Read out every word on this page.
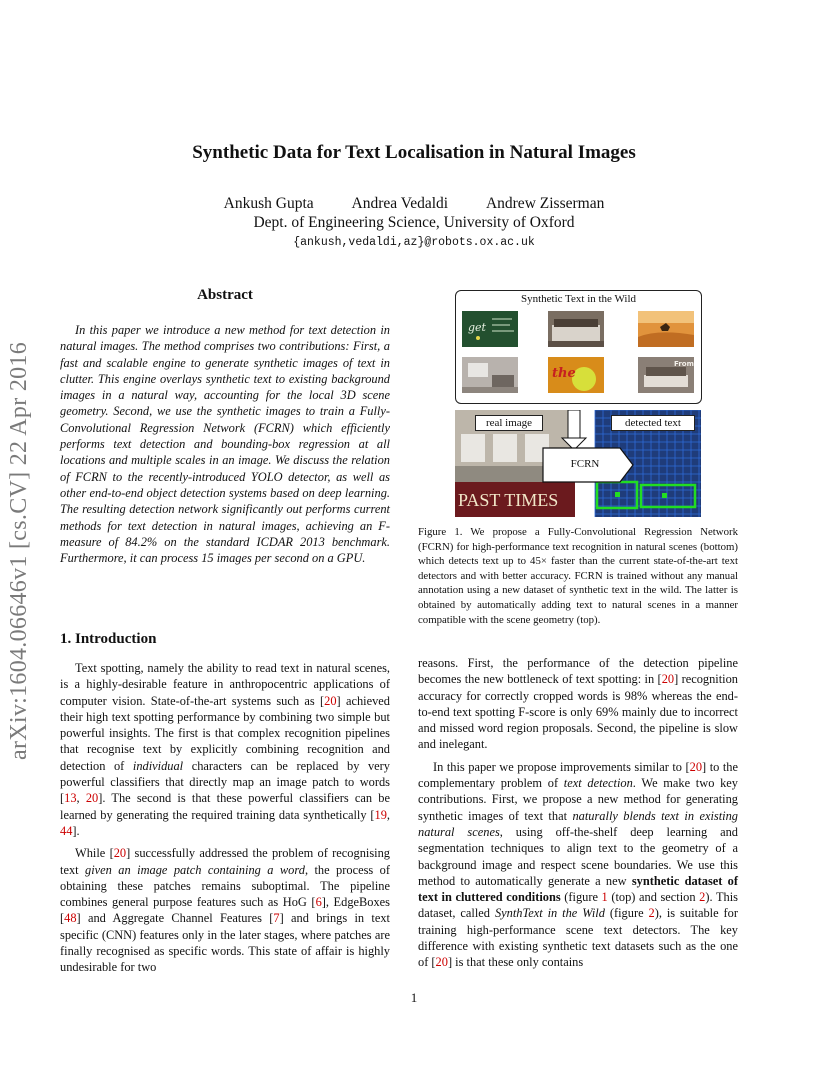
Synthetic Data for Text Localisation in Natural Images
Ankush Gupta Andrea Vedaldi Andrew Zisserman
Dept. of Engineering Science, University of Oxford
{ankush,vedaldi,az}@robots.ox.ac.uk
arXiv:1604.06646v1 [cs.CV] 22 Apr 2016
Abstract

In this paper we introduce a new method for text detection in natural images. The method comprises two contributions: First, a fast and scalable engine to generate synthetic images of text in clutter. This engine overlays synthetic text to existing background images in a natural way, accounting for the local 3D scene geometry. Second, we use the synthetic images to train a Fully-Convolutional Regression Network (FCRN) which efficiently performs text detection and bounding-box regression at all locations and multiple scales in an image. We discuss the relation of FCRN to the recently-introduced YOLO detector, as well as other end-to-end object detection systems based on deep learning. The resulting detection network significantly out performs current methods for text detection in natural images, achieving an F-measure of 84.2% on the standard ICDAR 2013 benchmark. Furthermore, it can process 15 images per second on a GPU.

1. Introduction

Text spotting, namely the ability to read text in natural scenes, is a highly-desirable feature in anthropocentric applications of computer vision. State-of-the-art systems such as [20] achieved their high text spotting performance by combining two simple but powerful insights. The first is that complex recognition pipelines that recognise text by explicitly combining recognition and detection of individual characters can be replaced by very powerful classifiers that directly map an image patch to words [13, 20]. The second is that these powerful classifiers can be learned by generating the required training data synthetically [19, 44].

While [20] successfully addressed the problem of recognising text given an image patch containing a word, the process of obtaining these patches remains suboptimal. The pipeline combines general purpose features such as HoG [6], EdgeBoxes [48] and Aggregate Channel Features [7] and brings in text specific (CNN) features only in the later stages, where patches are finally recognised as specific words. This state of affair is highly undesirable for two

get
the
From
Synthetic Text in the Wild
PAST TIMES
real image	detected text
FCRN
Figure 1. We propose a Fully-Convolutional Regression Network (FCRN) for high-performance text recognition in natural scenes (bottom) which detects text up to 45× faster than the current state-of-the-art text detectors and with better accuracy. FCRN is trained without any manual annotation using a new dataset of synthetic text in the wild. The latter is obtained by automatically adding text to natural scenes in a manner compatible with the scene geometry (top).

reasons. First, the performance of the detection pipeline becomes the new bottleneck of text spotting: in [20] recognition accuracy for correctly cropped words is 98% whereas the end-to-end text spotting F-score is only 69% mainly due to incorrect and missed word region proposals. Second, the pipeline is slow and inelegant.

In this paper we propose improvements similar to [20] to the complementary problem of text detection. We make two key contributions. First, we propose a new method for generating synthetic images of text that naturally blends text in existing natural scenes, using off-the-shelf deep learning and segmentation techniques to align text to the geometry of a background image and respect scene boundaries. We use this method to automatically generate a new synthetic dataset of text in cluttered conditions (figure 1 (top) and section 2). This dataset, called SynthText in the Wild (figure 2), is suitable for training high-performance scene text detectors. The key difference with existing synthetic text datasets such as the one of [20] is that these only contains

1
